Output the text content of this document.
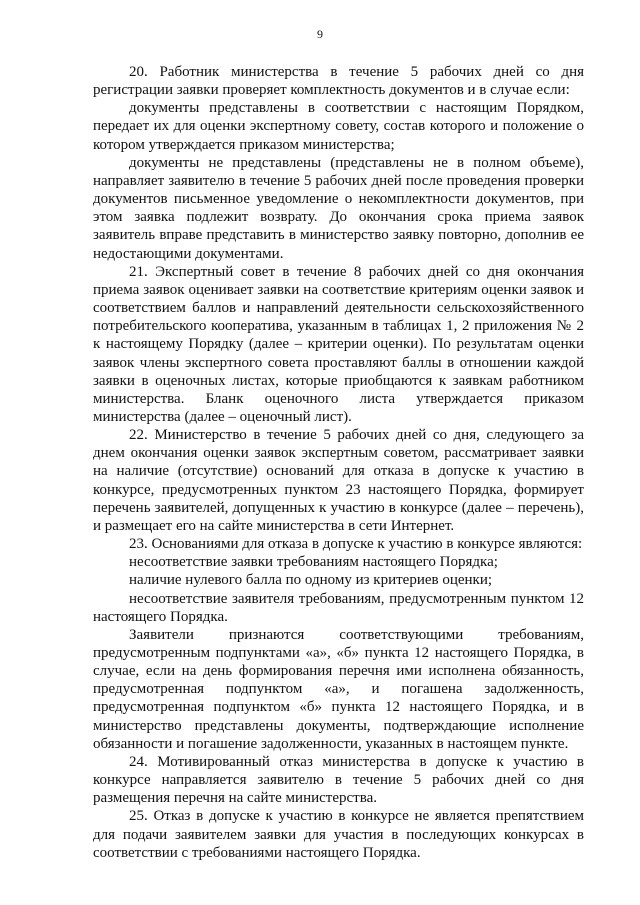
9

20. Работник министерства в течение 5 рабочих дней со дня регистрации заявки проверяет комплектность документов и в случае если:

документы представлены в соответствии с настоящим Порядком, передает их для оценки экспертному совету, состав которого и положение о котором утверждается приказом министерства;

документы не представлены (представлены не в полном объеме), направляет заявителю в течение 5 рабочих дней после проведения проверки документов письменное уведомление о некомплектности документов, при этом заявка подлежит возврату. До окончания срока приема заявок заявитель вправе представить в министерство заявку повторно, дополнив ее недостающими документами.

21. Экспертный совет в течение 8 рабочих дней со дня окончания приема заявок оценивает заявки на соответствие критериям оценки заявок и соответствием баллов и направлений деятельности сельскохозяйственного потребительского кооператива, указанным в таблицах 1, 2 приложения № 2 к настоящему Порядку (далее – критерии оценки). По результатам оценки заявок члены экспертного совета проставляют баллы в отношении каждой заявки в оценочных листах, которые приобщаются к заявкам работником министерства. Бланк оценочного листа утверждается приказом министерства (далее – оценочный лист).

22. Министерство в течение 5 рабочих дней со дня, следующего за днем окончания оценки заявок экспертным советом, рассматривает заявки на наличие (отсутствие) оснований для отказа в допуске к участию в конкурсе, предусмотренных пунктом 23 настоящего Порядка, формирует перечень заявителей, допущенных к участию в конкурсе (далее – перечень), и размещает его на сайте министерства в сети Интернет.

23. Основаниями для отказа в допуске к участию в конкурсе являются:

несоответствие заявки требованиям настоящего Порядка;

наличие нулевого балла по одному из критериев оценки;

несоответствие заявителя требованиям, предусмотренным пунктом 12 настоящего Порядка.

Заявители признаются соответствующими требованиям, предусмотренным подпунктами «а», «б» пункта 12 настоящего Порядка, в случае, если на день формирования перечня ими исполнена обязанность, предусмотренная подпунктом «а», и погашена задолженность, предусмотренная подпунктом «б» пункта 12 настоящего Порядка, и в министерство представлены документы, подтверждающие исполнение обязанности и погашение задолженности, указанных в настоящем пункте.

24. Мотивированный отказ министерства в допуске к участию в конкурсе направляется заявителю в течение 5 рабочих дней со дня размещения перечня на сайте министерства.

25. Отказ в допуске к участию в конкурсе не является препятствием для подачи заявителем заявки для участия в последующих конкурсах в соответствии с требованиями настоящего Порядка.
